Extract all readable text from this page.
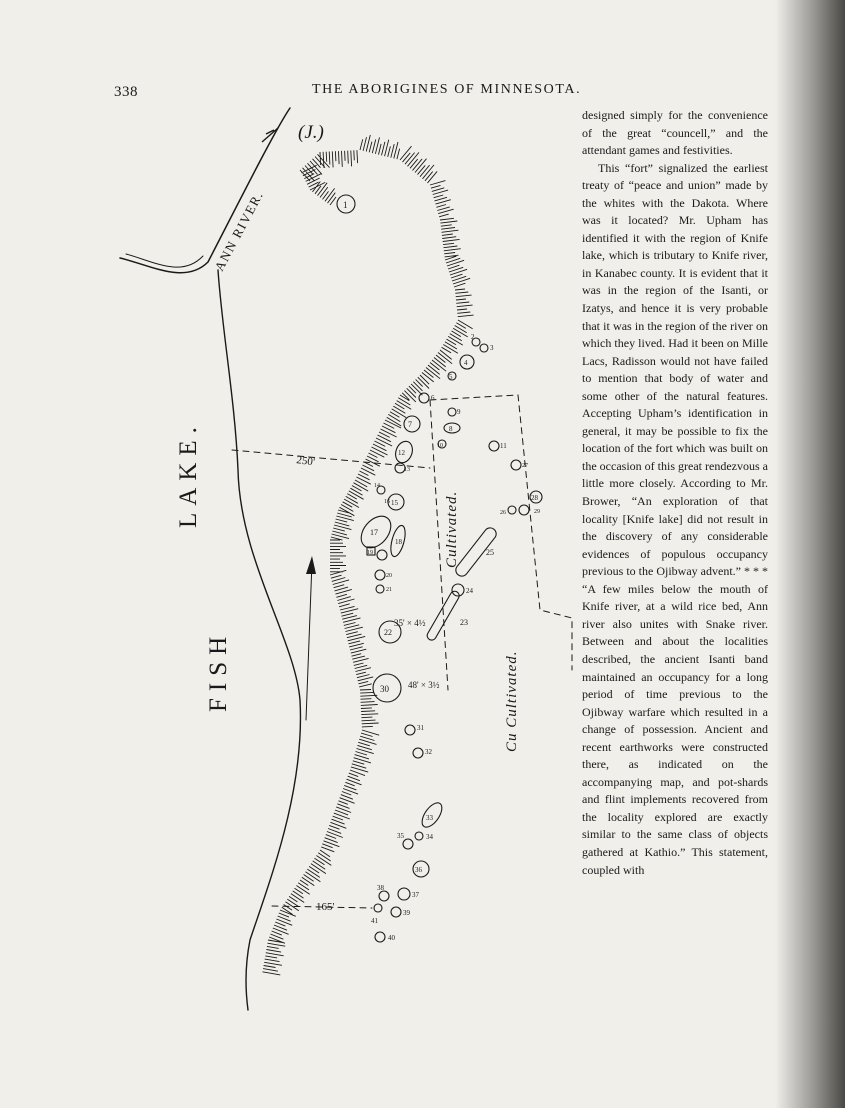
338	THE ABORIGINES OF MINNESOTA.
(J.)
ANN RIVER.
FISH
LAKE.	250'
165'
Cultivated.
Cu Cultivated.
35' × 4½
48' × 3½
1
2
3
4
5
6
7	8
9
10	11
12
13
14
15
16
17
18
19
20
21
22
23
24
25
26
27
28
29
30
31
32
33
34
35
36
37
38
39
40
41

designed simply for the convenience of the great “councell,” and the attendant games and festivities.

This “fort” signalized the earliest treaty of “peace and union” made by the whites with the Dakota. Where was it located? Mr. Upham has identified it with the region of Knife lake, which is tributary to Knife river, in Kanabec county. It is evident that it was in the region of the Isanti, or Izatys, and hence it is very probable that it was in the region of the river on which they lived. Had it been on Mille Lacs, Radisson would not have failed to mention that body of water and some other of the natural features. Accepting Upham’s identification in general, it may be possible to fix the location of the fort which was built on the occasion of this great rendezvous a little more closely. According to Mr. Brower, “An exploration of that locality [Knife lake] did not result in the discovery of any considerable evidences of populous occupancy previous to the Ojibway advent.” * * * “A few miles below the mouth of Knife river, at a wild rice bed, Ann river also unites with Snake river. Between and about the localities described, the ancient Isanti band maintained an occupancy for a long period of time previous to the Ojibway warfare which resulted in a change of possession. Ancient and recent earthworks were constructed there, as indicated on the accompanying map, and pot-shards and flint implements recovered from the locality explored are exactly similar to the same class of objects gathered at Kathio.” This statement, coupled with
